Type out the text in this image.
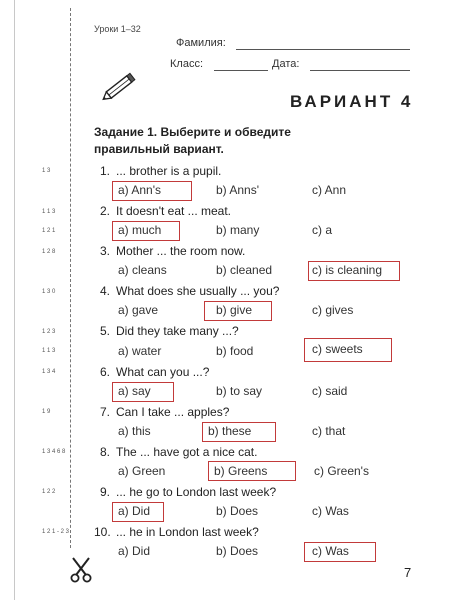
Уроки 1–32
Фамилия:
Класс:	Дата:
ВАРИАНТ 4
Задание 1. Выберите и обведите
правильный вариант.
1 3
1 1 3
1 2 1
1 2 8
1 3 0
1 2 3
1 1 3
1 3 4
1 9
1 3 4 6 8
1 2 2
1 2 1 - 2 3
1. ... brother is a pupil.
a) Ann's	b) Anns'	c) Ann
2. It doesn't eat ... meat.
a) much	b) many	c) a
3. Mother ... the room now.
a) cleans	b) cleaned	c) is cleaning
4. What does she usually ... you?
a) gave	b) give	c) gives
5. Did they take many ...?
a) water	b) food	c) sweets
6. What can you ...?
a) say	b) to say	c) said
7. Can I take ... apples?
a) this	b) these	c) that
8. The ... have got a nice cat.
a) Green	b) Greens	c) Green's
9. ... he go to London last week?
a) Did	b) Does	c) Was
10. ... he in London last week?
a) Did	b) Does	c) Was
7
